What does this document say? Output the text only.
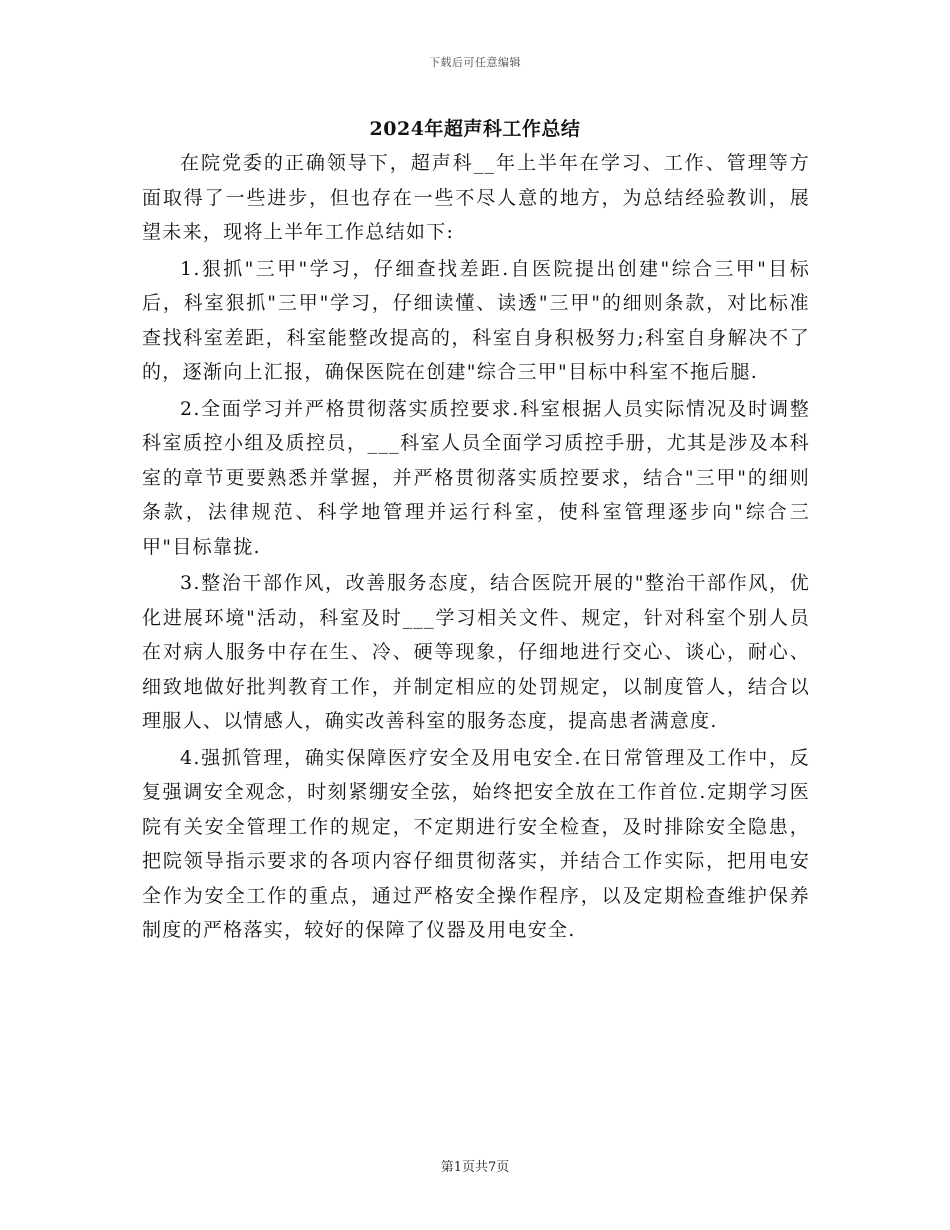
下载后可任意编辑
2024年超声科工作总结

在院党委的正确领导下，超声科__年上半年在学习、工作、管理等方面取得了一些进步，但也存在一些不尽人意的地方，为总结经验教训，展望未来，现将上半年工作总结如下:

1.狠抓"三甲"学习，仔细查找差距.自医院提出创建"综合三甲"目标后，科室狠抓"三甲"学习，仔细读懂、读透"三甲"的细则条款，对比标准查找科室差距，科室能整改提高的，科室自身积极努力;科室自身解决不了的，逐渐向上汇报，确保医院在创建"综合三甲"目标中科室不拖后腿.

2.全面学习并严格贯彻落实质控要求.科室根据人员实际情况及时调整科室质控小组及质控员，___科室人员全面学习质控手册，尤其是涉及本科室的章节更要熟悉并掌握，并严格贯彻落实质控要求，结合"三甲"的细则条款，法律规范、科学地管理并运行科室，使科室管理逐步向"综合三甲"目标靠拢.

3.整治干部作风，改善服务态度，结合医院开展的"整治干部作风，优化进展环境"活动，科室及时___学习相关文件、规定，针对科室个别人员在对病人服务中存在生、冷、硬等现象，仔细地进行交心、谈心，耐心、细致地做好批判教育工作，并制定相应的处罚规定，以制度管人，结合以理服人、以情感人，确实改善科室的服务态度，提高患者满意度.

4.强抓管理，确实保障医疗安全及用电安全.在日常管理及工作中，反复强调安全观念，时刻紧绷安全弦，始终把安全放在工作首位.定期学习医院有关安全管理工作的规定，不定期进行安全检查，及时排除安全隐患，把院领导指示要求的各项内容仔细贯彻落实，并结合工作实际，把用电安全作为安全工作的重点，通过严格安全操作程序，以及定期检查维护保养制度的严格落实，较好的保障了仪器及用电安全.

第1页共7页
